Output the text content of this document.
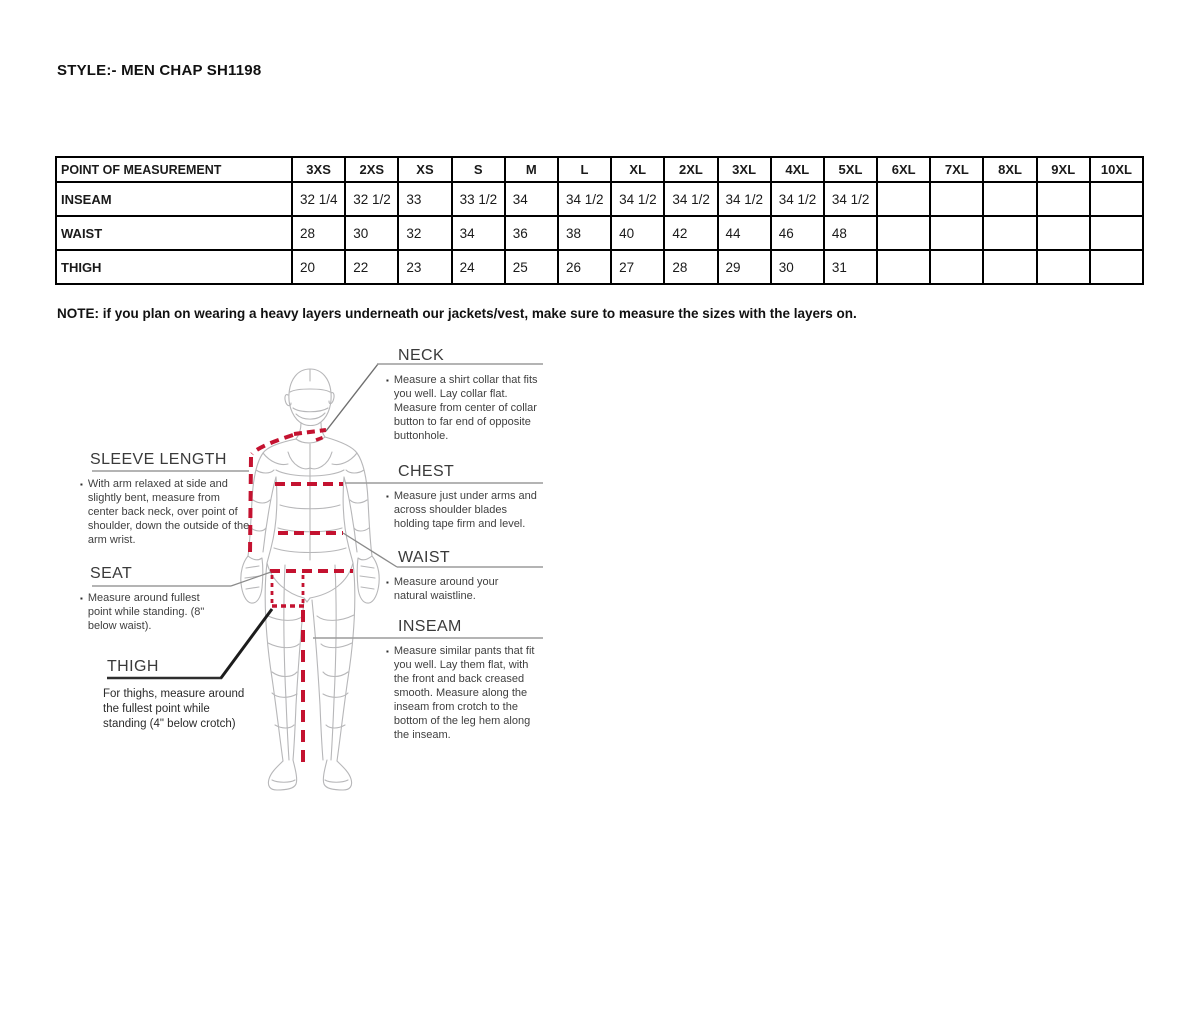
STYLE:- MEN CHAP SH1198
POINT OF MEASUREMENT	3XS	2XS	XS	S	M	L	XL	2XL	3XL	4XL	5XL	6XL	7XL	8XL	9XL	10XL
INSEAM	32 1/4	32 1/2	33	33 1/2	34	34 1/2	34 1/2	34 1/2	34 1/2	34 1/2	34 1/2					
WAIST	28	30	32	34	36	38	40	42	44	46	48					
THIGH	20	22	23	24	25	26	27	28	29	30	31					
NOTE: if you plan on wearing a heavy layers underneath our jackets/vest, make sure to measure the sizes with the layers on.
NECK
▪ Measure a shirt collar that fits you well. Lay collar flat. Measure from center of collar button to far end of opposite buttonhole.

CHEST
▪ Measure just under arms and across shoulder blades holding tape firm and level.

WAIST
▪ Measure around your natural waistline.

INSEAM
▪ Measure similar pants that fit you well. Lay them flat, with the front and back creased smooth. Measure along the inseam from crotch to the bottom of the leg hem along the inseam.

SLEEVE LENGTH
▪ With arm relaxed at side and slightly bent, measure from center back neck, over point of shoulder, down the outside of the arm wrist.

SEAT
▪ Measure around fullest point while standing. (8" below waist).

THIGH

For thighs, measure around the fullest point while standing (4" below crotch)
